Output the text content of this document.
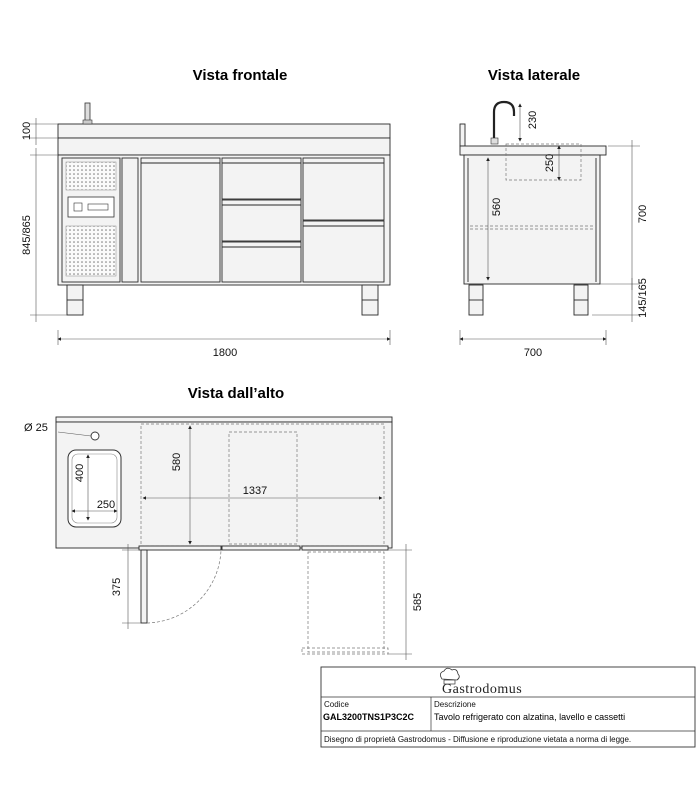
Vista frontale
100
845/865
1800
Vista laterale
230
250
560	700
145/165
700
Vista dall’alto
Ø 25
400
250
580
1337
375
585
Gastrodomus
Codice
GAL3200TNS1P3C2C
Descrizione
Tavolo refrigerato con alzatina, lavello e cassetti
Disegno di proprietà Gastrodomus - Diffusione e riproduzione vietata a norma di legge.
